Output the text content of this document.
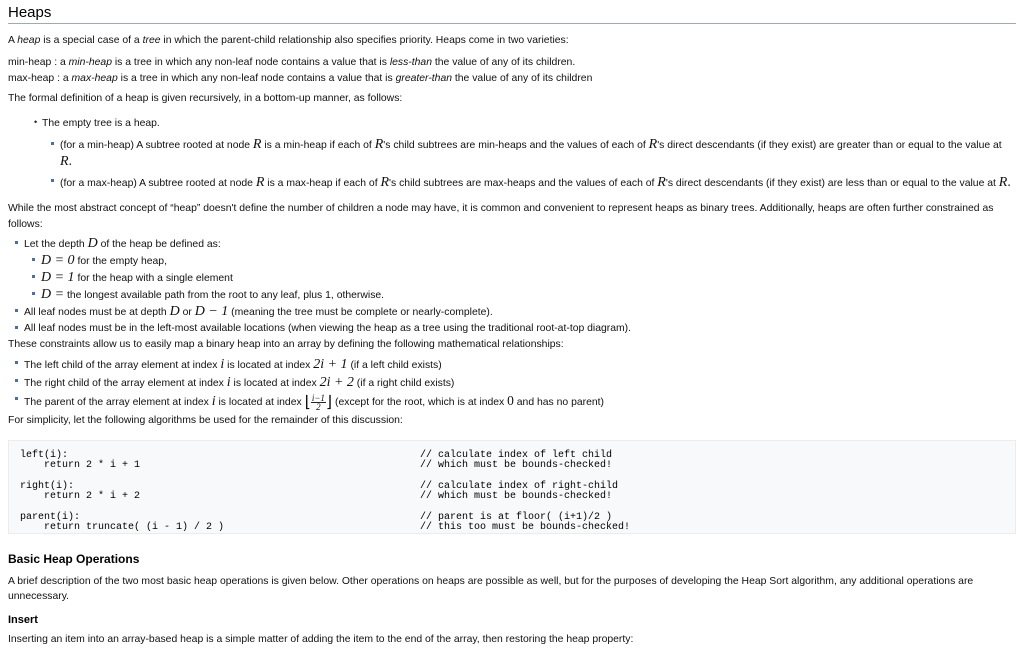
Heaps

A heap is a special case of a tree in which the parent-child relationship also specifies priority. Heaps come in two varieties:

min-heap : a min-heap is a tree in which any non-leaf node contains a value that is less-than the value of any of its children.
max-heap : a max-heap is a tree in which any non-leaf node contains a value that is greater-than the value of any of its children

The formal definition of a heap is given recursively, in a bottom-up manner, as follows:

• The empty tree is a heap.
(for a min-heap) A subtree rooted at node R is a min-heap if each of R's child subtrees are min-heaps and the values of each of R's direct descendants (if they exist) are greater than or equal to the value at R.
(for a max-heap) A subtree rooted at node R is a max-heap if each of R's child subtrees are max-heaps and the values of each of R's direct descendants (if they exist) are less than or equal to the value at R.

While the most abstract concept of “heap” doesn't define the number of children a node may have, it is common and convenient to represent heaps as binary trees. Additionally, heaps are often further constrained as follows:

Let the depth D of the heap be defined as:
D = 0 for the empty heap,
D = 1 for the heap with a single element
D = the longest available path from the root to any leaf, plus 1, otherwise.
All leaf nodes must be at depth D or D − 1 (meaning the tree must be complete or nearly-complete).
All leaf nodes must be in the left-most available locations (when viewing the heap as a tree using the traditional root-at-top diagram).

These constraints allow us to easily map a binary heap into an array by defining the following mathematical relationships:

The left child of the array element at index i is located at index 2i + 1 (if a left child exists)
The right child of the array element at index i is located at index 2i + 2 (if a right child exists)
The parent of the array element at index i is located at index ⌊ $\frac{i-1}{2}$ ⌋ (except for the root, which is at index 0 and has no parent)

For simplicity, let the following algorithms be used for the remainder of this discussion:

left(i):
return 2 * i + 1
right(i):
return 2 * i + 2
parent(i):
return truncate( (i - 1) / 2 )
// calculate index of left child
// which must be bounds-checked!
// calculate index of right-child
// which must be bounds-checked!
// parent is at floor( (i+1)/2 )
// this too must be bounds-checked!
Basic Heap Operations

A brief description of the two most basic heap operations is given below. Other operations on heaps are possible as well, but for the purposes of developing the Heap Sort algorithm, any additional operations are unnecessary.

Insert

Inserting an item into an array-based heap is a simple matter of adding the item to the end of the array, then restoring the heap property:
